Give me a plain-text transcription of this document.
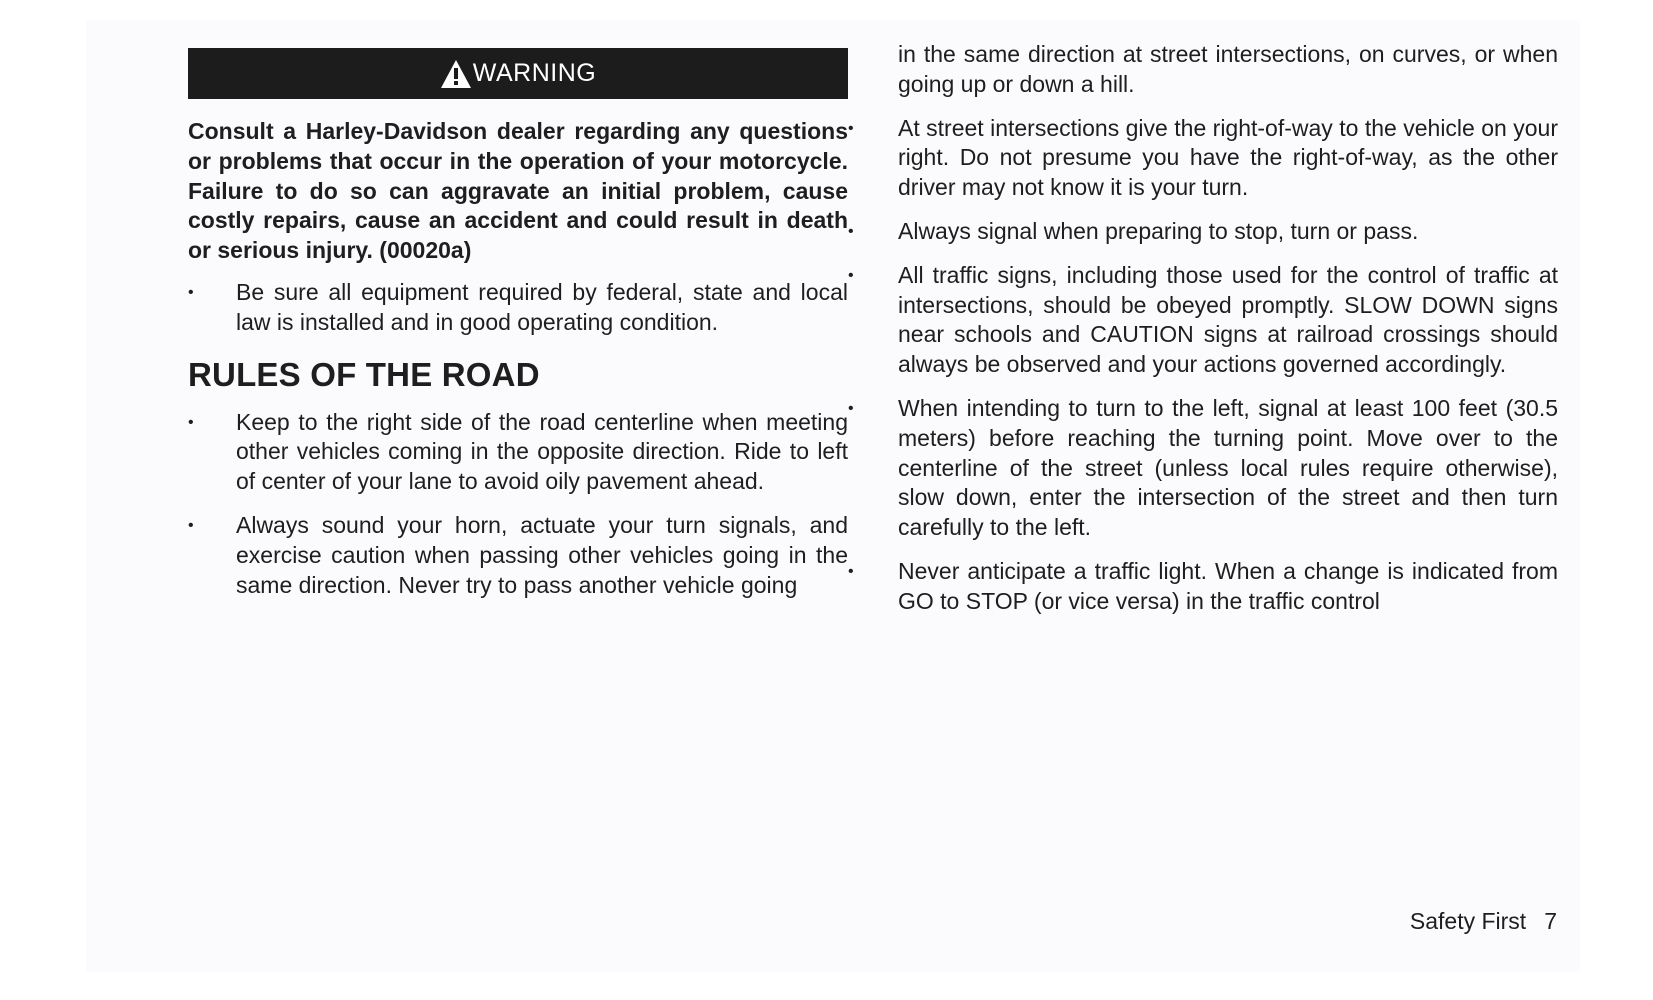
WARNING

Consult a Harley-Davidson dealer regarding any questions or problems that occur in the operation of your motorcycle. Failure to do so can aggravate an initial problem, cause costly repairs, cause an accident and could result in death or serious injury. (00020a)

• Be sure all equipment required by federal, state and local law is installed and in good operating condition.
RULES OF THE ROAD
• Keep to the right side of the road centerline when meeting other vehicles coming in the opposite direction. Ride to left of center of your lane to avoid oily pavement ahead.
• Always sound your horn, actuate your turn signals, and exercise caution when passing other vehicles going in the same direction. Never try to pass another vehicle going

in the same direction at street intersections, on curves, or when going up or down a hill.

• At street intersections give the right-of-way to the vehicle on your right. Do not presume you have the right-of-way, as the other driver may not know it is your turn.
• Always signal when preparing to stop, turn or pass.
• All traffic signs, including those used for the control of traffic at intersections, should be obeyed promptly. SLOW DOWN signs near schools and CAUTION signs at railroad crossings should always be observed and your actions governed accordingly.
• When intending to turn to the left, signal at least 100 feet (30.5 meters) before reaching the turning point. Move over to the centerline of the street (unless local rules require otherwise), slow down, enter the intersection of the street and then turn carefully to the left.
• Never anticipate a traffic light. When a change is indicated from GO to STOP (or vice versa) in the traffic control
Safety First 7
